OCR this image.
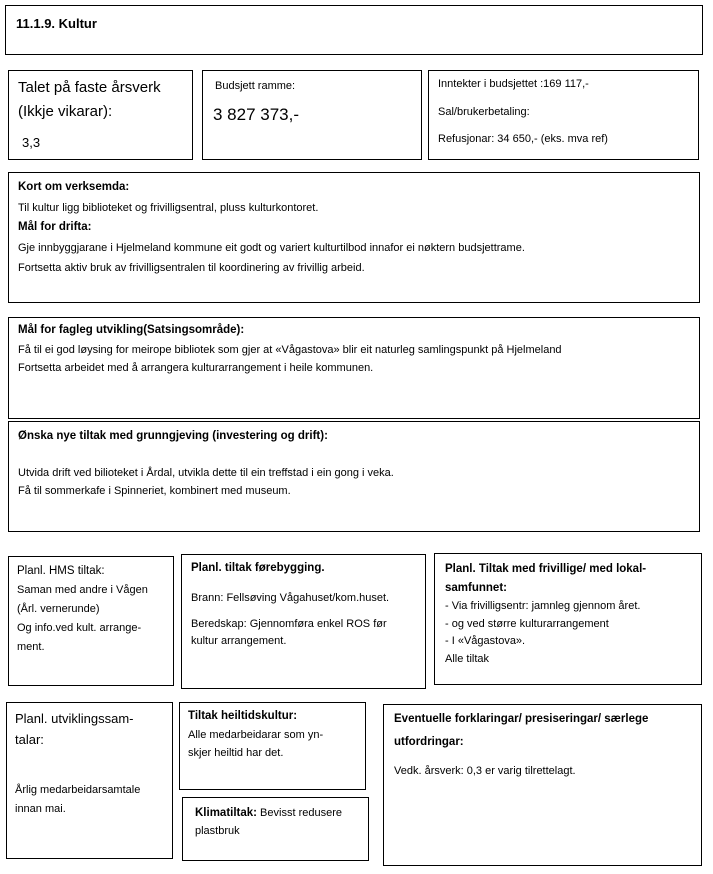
11.1.9. Kultur
Talet på faste årsverk
(Ikkje vikarar):
3,3
Budsjett ramme:
3 827 373,-
Inntekter i budsjettet :169 117,-
Sal/brukerbetaling:
Refusjonar: 34 650,- (eks. mva ref)
Kort om verksemda:
Til kultur ligg biblioteket og frivilligsentral, pluss kulturkontoret.
Mål for drifta:
Gje innbyggjarane i Hjelmeland kommune eit godt og variert kulturtilbod innafor ei nøktern budsjettrame.
Fortsetta aktiv bruk av frivilligsentralen til koordinering av frivillig arbeid.
Mål for fagleg utvikling(Satsingsområde):
Få til ei god løysing for meirope bibliotek som gjer at «Vågastova» blir eit naturleg samlingspunkt på Hjelmeland
Fortsetta arbeidet med å arrangera kulturarrangement i heile kommunen.
Ønska nye tiltak med grunngjeving (investering og drift):
Utvida drift ved bilioteket i Årdal, utvikla dette til ein treffstad i ein gong i veka.
Få til sommerkafe i Spinneriet, kombinert med museum.
Planl. HMS tiltak:
Saman med andre i Vågen
(Årl. vernerunde)
Og info.ved kult. arrange-
ment.
Planl. tiltak førebygging.
Brann: Fellsøving Vågahuset/kom.huset.
Beredskap: Gjennomføra enkel ROS før
kultur arrangement.
Planl. Tiltak med frivillige/ med lokal-
samfunnet:
- Via frivilligsentr: jamnleg gjennom året.
- og ved større kulturarrangement
- I «Vågastova».
Alle tiltak
Planl. utviklingssam-
talar:
Årlig medarbeidarsamtale
innan mai.
Tiltak heiltidskultur:
Alle medarbeidarar som yn-
skjer heiltid har det.
Klimatiltak: Bevisst redusere
plastbruk
Eventuelle forklaringar/ presiseringar/ særlege
utfordringar:
Vedk. årsverk: 0,3 er varig tilrettelagt.
